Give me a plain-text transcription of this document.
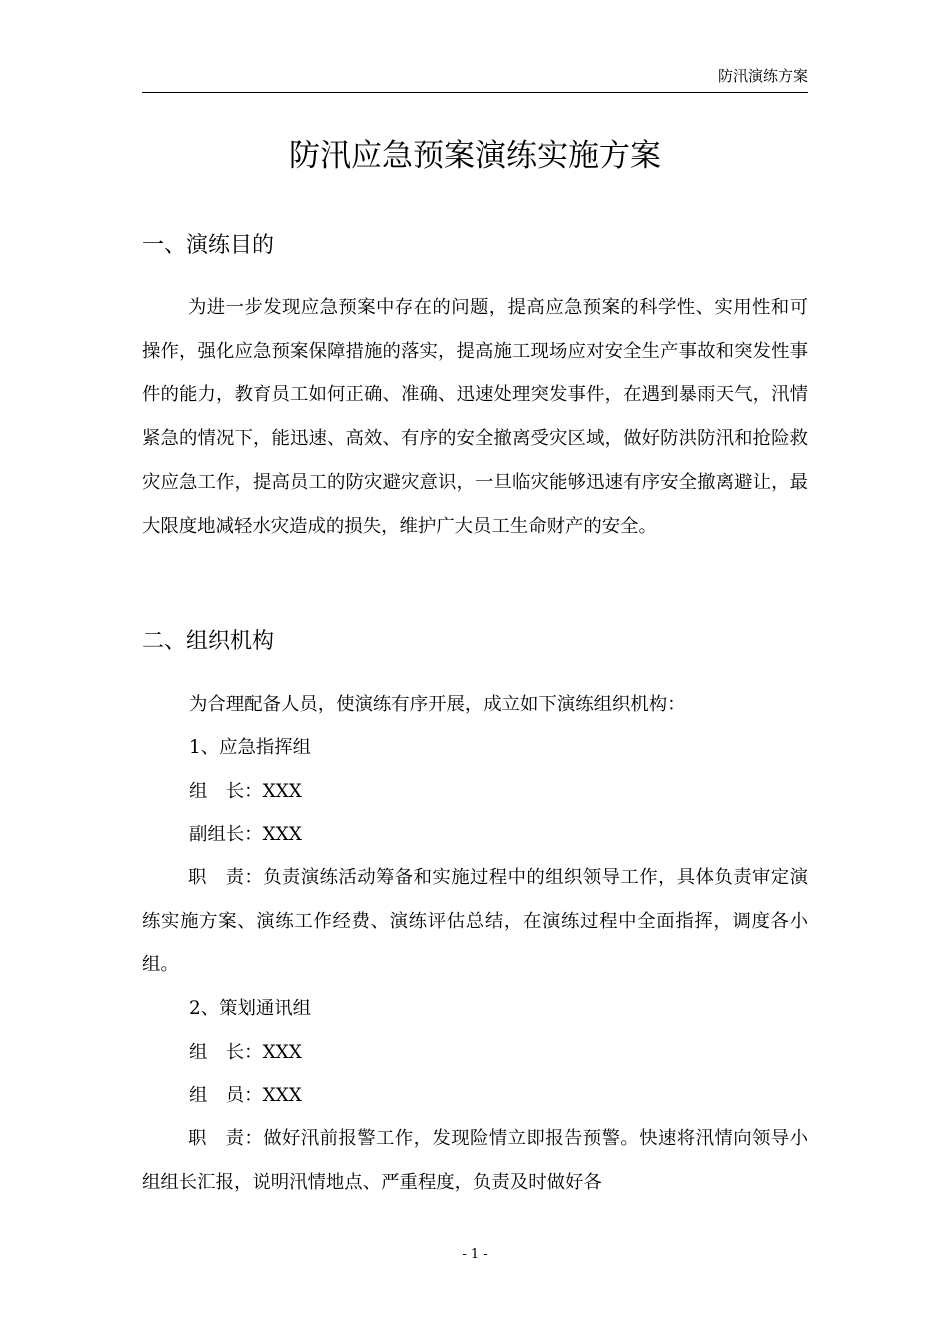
防汛演练方案
防汛应急预案演练实施方案
一、演练目的

为进一步发现应急预案中存在的问题，提高应急预案的科学性、实用性和可操作，强化应急预案保障措施的落实，提高施工现场应对安全生产事故和突发性事件的能力，教育员工如何正确、准确、迅速处理突发事件，在遇到暴雨天气，汛情紧急的情况下，能迅速、高效、有序的安全撤离受灾区域，做好防洪防汛和抢险救灾应急工作，提高员工的防灾避灾意识，一旦临灾能够迅速有序安全撤离避让，最大限度地减轻水灾造成的损失，维护广大员工生命财产的安全。

二、组织机构
为合理配备人员，使演练有序开展，成立如下演练组织机构：
1、应急指挥组
组　长：XXX
副组长：XXX

职　责：负责演练活动筹备和实施过程中的组织领导工作，具体负责审定演练实施方案、演练工作经费、演练评估总结，在演练过程中全面指挥，调度各小组。

2、策划通讯组
组　长：XXX
组　员：XXX

职　责：做好汛前报警工作，发现险情立即报告预警。快速将汛情向领导小组组长汇报，说明汛情地点、严重程度，负责及时做好各

- 1 -
